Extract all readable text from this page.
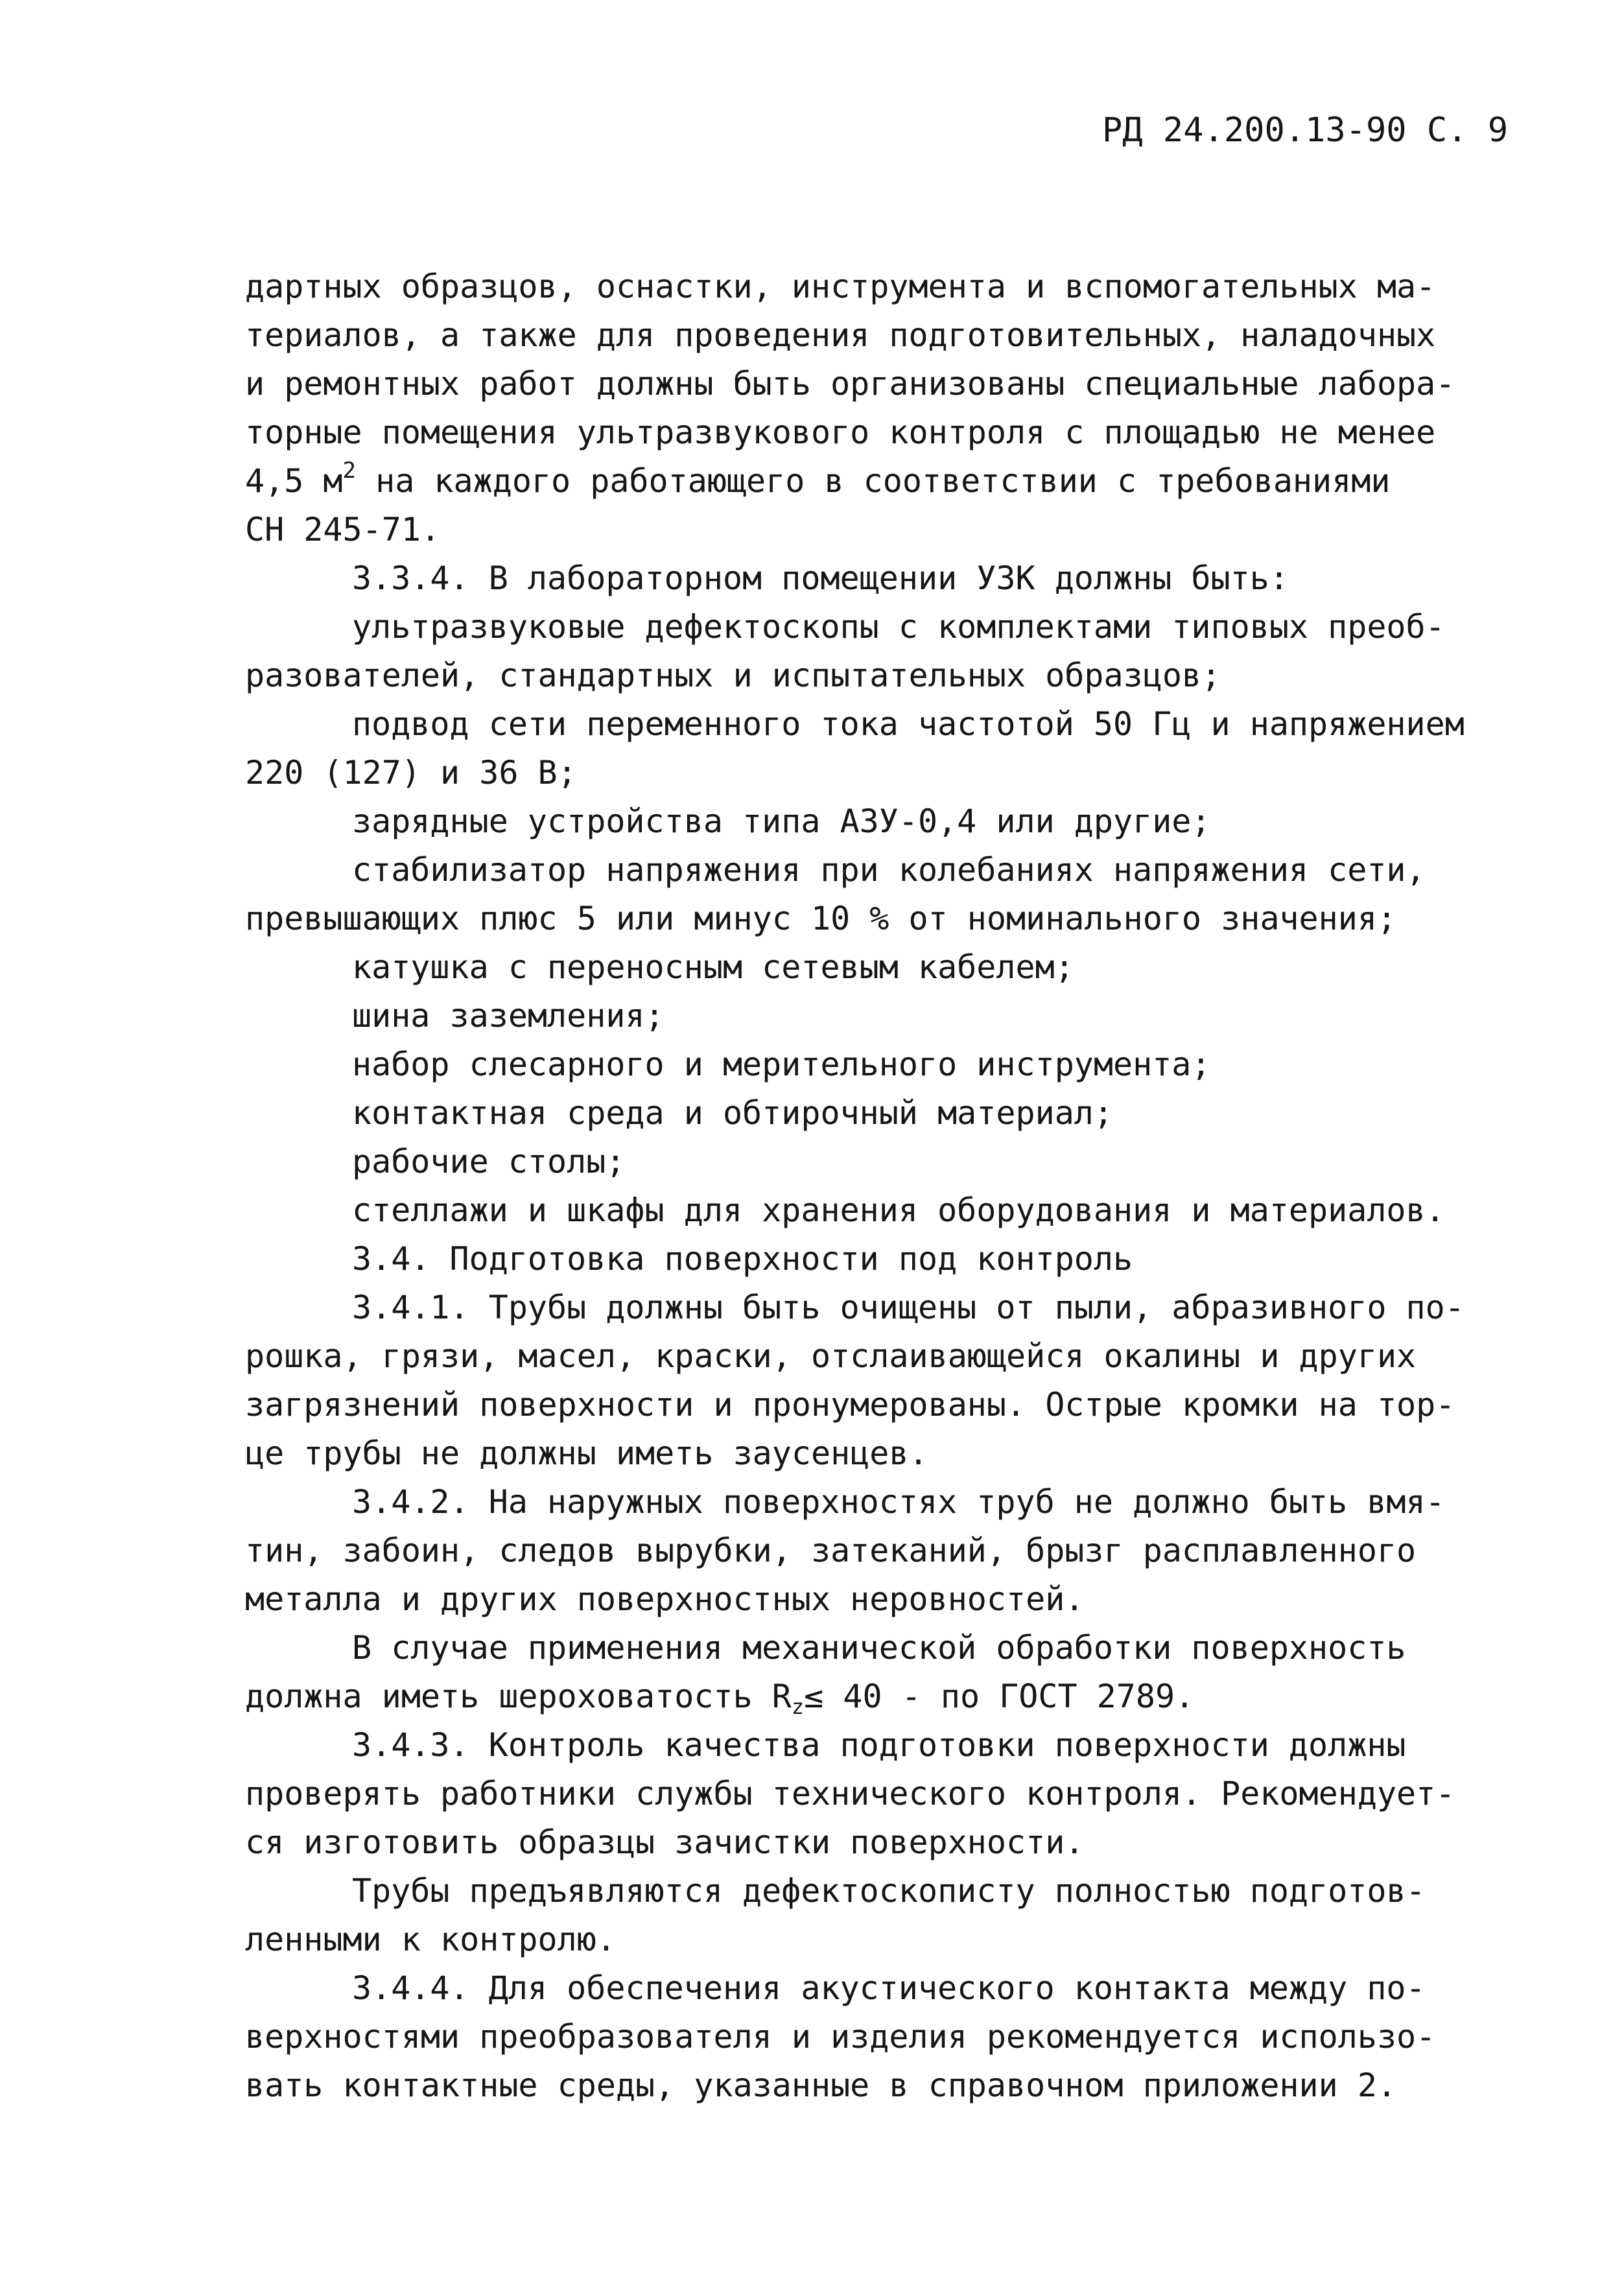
РД 24.200.13-90 С. 9
дартных образцов, оснастки, инструмента и вспомогательных ма-
териалов, а также для проведения подготовительных, наладочных
и ремонтных работ должны быть организованы специальные лабора-
торные помещения ультразвукового контроля с площадью не менее
4,5 $м^2$ на каждого работающего в соответствии с требованиями
СН 245-71.
3.3.4. В лабораторном помещении УЗК должны быть:
ультразвуковые дефектоскопы с комплектами типовых преоб-
разователей, стандартных и испытательных образцов;
подвод сети переменного тока частотой 50 Гц и напряжением
220 (127) и 36 В;
зарядные устройства типа АЗУ-0,4 или другие;
стабилизатор напряжения при колебаниях напряжения сети,
превышающих плюс 5 или минус 10 % от номинального значения;
катушка с переносным сетевым кабелем;
шина заземления;
набор слесарного и мерительного инструмента;
контактная среда и обтирочный материал;
рабочие столы;
стеллажи и шкафы для хранения оборудования и материалов.
3.4. Подготовка поверхности под контроль
3.4.1. Трубы должны быть очищены от пыли, абразивного по-
рошка, грязи, масел, краски, отслаивающейся окалины и других
загрязнений поверхности и пронумерованы. Острые кромки на тор-
це трубы не должны иметь заусенцев.
3.4.2. На наружных поверхностях труб не должно быть вмя-
тин, забоин, следов вырубки, затеканий, брызг расплавленного
металла и других поверхностных неровностей.
В случае применения механической обработки поверхность
должна иметь шероховатость $R_z\le 40$ - по ГОСТ 2789.
3.4.3. Контроль качества подготовки поверхности должны
проверять работники службы технического контроля. Рекомендует-
ся изготовить образцы зачистки поверхности.
Трубы предъявляются дефектоскописту полностью подготов-
ленными к контролю.
3.4.4. Для обеспечения акустического контакта между по-
верхностями преобразователя и изделия рекомендуется использо-
вать контактные среды, указанные в справочном приложении 2.
